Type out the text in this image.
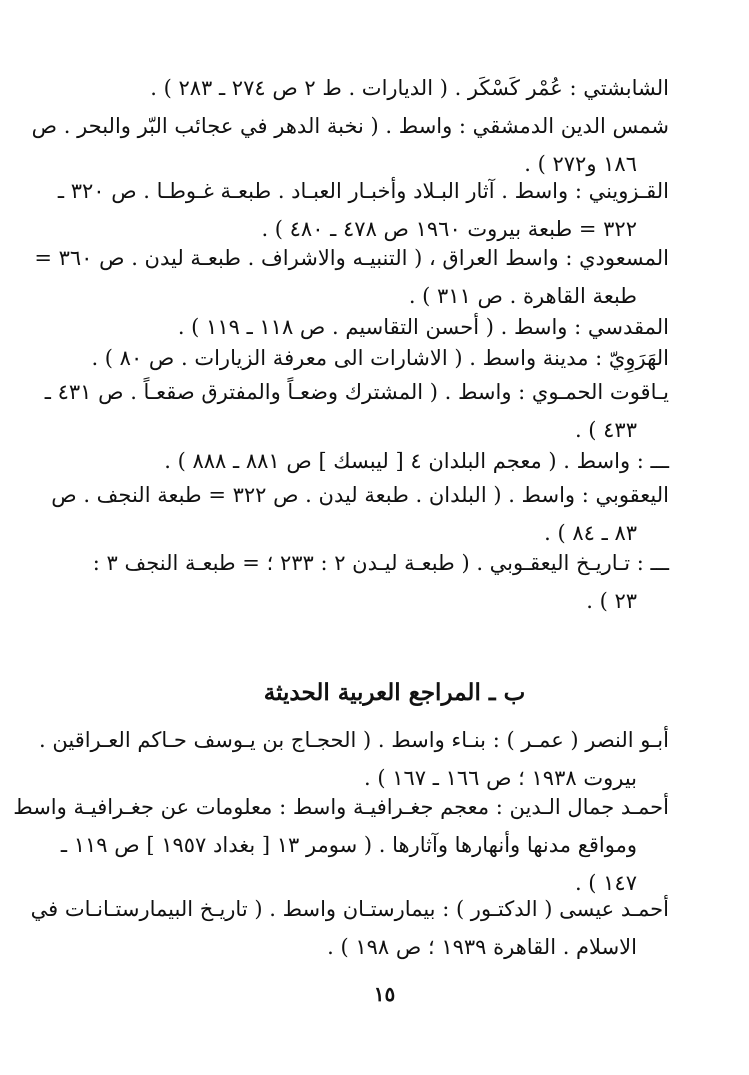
الشابشتي : عُمْر كَسْكَر . ( الديارات . ط ٢ ص ٢٧٤ ـ ٢٨٣ ) .
شمس الدين الدمشقي : واسط . ( نخبة الدهر في عجائب البّر والبحر . ص
١٨٦ و٢٧٢ ) .
القـزويني : واسط . آثار البـلاد وأخبـار العبـاد . طبعـة غـوطـا . ص ٣٢٠ ـ
٣٢٢ = طبعة بيروت ١٩٦٠ ص ٤٧٨ ـ ٤٨٠ ) .
المسعودي : واسط العراق ، ( التنبيـه والاشراف . طبعـة ليدن . ص ٣٦٠ =
طبعة القاهرة . ص ٣١١ ) .
المقدسي : واسط . ( أحسن التقاسيم . ص ١١٨ ـ ١١٩ ) .
الهَرَوِيّ : مدينة واسط . ( الاشارات الى معرفة الزيارات . ص ٨٠ ) .
يـاقوت الحمـوي : واسط . ( المشترك وضعـاً والمفترق صقعـاً . ص ٤٣١ ـ
٤٣٣ ) .
ـــ : واسط . ( معجم البلدان ٤ [ ليبسك ] ص ٨٨١ ـ ٨٨٨ ) .
اليعقوبي : واسط . ( البلدان . طبعة ليدن . ص ٣٢٢ = طبعة النجف . ص
٨٣ ـ ٨٤ ) .
ـــ : تـاريـخ اليعقـوبي . ( طبعـة ليـدن ٢ : ٢٣٣ ؛ = طبعـة النجف ٣ :
٢٣ ) .
ب ـ المراجع العربية الحديثة
أبـو النصر ( عمـر ) : بنـاء واسط . ( الحجـاج بن يـوسف حـاكم العـراقين .
بيروت ١٩٣٨ ؛ ص ١٦٦ ـ ١٦٧ ) .
أحمـد جمال الـدين : معجم جغـرافيـة واسط : معلومات عن جغـرافيـة واسط
ومواقع مدنها وأنهارها وآثارها . ( سومر ١٣ [ بغداد ١٩٥٧ ] ص ١١٩ ـ
١٤٧ ) .
أحمـد عيسى ( الدكتـور ) : بيمارستـان واسط . ( تاريـخ البيمارستـانـات في
الاسلام . القاهرة ١٩٣٩ ؛ ص ١٩٨ ) .
١٥
